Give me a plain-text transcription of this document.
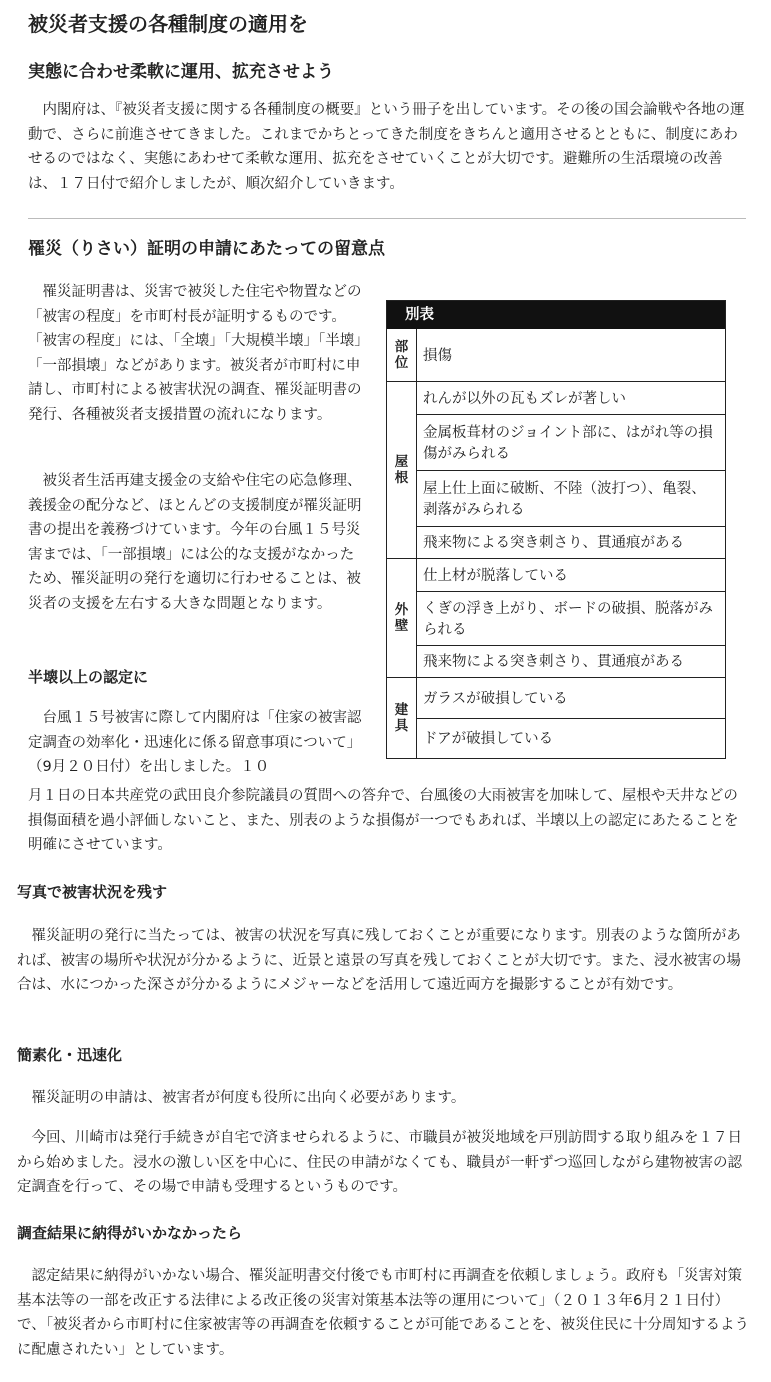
被災者支援の各種制度の適用を
実態に合わせ柔軟に運用、拡充させよう

内閣府は、『被災者支援に関する各種制度の概要』という冊子を出しています。その後の国会論戦や各地の運動で、さらに前進させてきました。これまでかちとってきた制度をきちんと適用させるとともに、制度にあわせるのではなく、実態にあわせて柔軟な運用、拡充をさせていくことが大切です。避難所の生活環境の改善は、１７日付で紹介しましたが、順次紹介していきます。

罹災（りさい）証明の申請にあたっての留意点

罹災証明書は、災害で被災した住宅や物置などの「被害の程度」を市町村長が証明するものです。「被害の程度」には、「全壊」「大規模半壊」「半壊」「一部損壊」などがあります。被災者が市町村に申請し、市町村による被害状況の調査、罹災証明書の発行、各種被災者支援措置の流れになります。

被災者生活再建支援金の支給や住宅の応急修理、義援金の配分など、ほとんどの支援制度が罹災証明書の提出を義務づけています。今年の台風１５号災害までは、「一部損壊」には公的な支援がなかったため、罹災証明の発行を適切に行わせることは、被災者の支援を左右する大きな問題となります。

半壊以上の認定に

台風１５号被害に際して内閣府は「住家の被害認定調査の効率化・迅速化に係る留意事項について」（9月２０日付）を出しました。１０

月１日の日本共産党の武田良介参院議員の質問への答弁で、台風後の大雨被害を加味して、屋根や天井などの損傷面積を過小評価しないこと、また、別表のような損傷が一つでもあれば、半壊以上の認定にあたることを明確にさせています。

写真で被害状況を残す

罹災証明の発行に当たっては、被害の状況を写真に残しておくことが重要になります。別表のような箇所があれば、被害の場所や状況が分かるように、近景と遠景の写真を残しておくことが大切です。また、浸水被害の場合は、水につかった深さが分かるようにメジャーなどを活用して遠近両方を撮影することが有効です。

簡素化・迅速化

罹災証明の申請は、被害者が何度も役所に出向く必要があります。

今回、川崎市は発行手続きが自宅で済ませられるように、市職員が被災地域を戸別訪問する取り組みを１７日から始めました。浸水の激しい区を中心に、住民の申請がなくても、職員が一軒ずつ巡回しながら建物被害の認定調査を行って、その場で申請も受理するというものです。

調査結果に納得がいかなかったら

認定結果に納得がいかない場合、罹災証明書交付後でも市町村に再調査を依頼しましょう。政府も「災害対策基本法等の一部を改正する法律による改正後の災害対策基本法等の運用について」（２０１３年6月２１日付）で、「被災者から市町村に住家被害等の再調査を依頼することが可能であることを、被災住民に十分周知するように配慮されたい」としています。

別表
部位	損傷
屋根
れんが以外の瓦もズレが著しい
金属板葺材のジョイント部に、はがれ等の損傷がみられる
屋上仕上面に破断、不陸（波打つ）、亀裂、剥落がみられる
飛来物による突き刺さり、貫通痕がある
外壁
仕上材が脱落している
くぎの浮き上がり、ボードの破損、脱落がみられる
飛来物による突き刺さり、貫通痕がある
建具
ガラスが破損している
ドアが破損している
